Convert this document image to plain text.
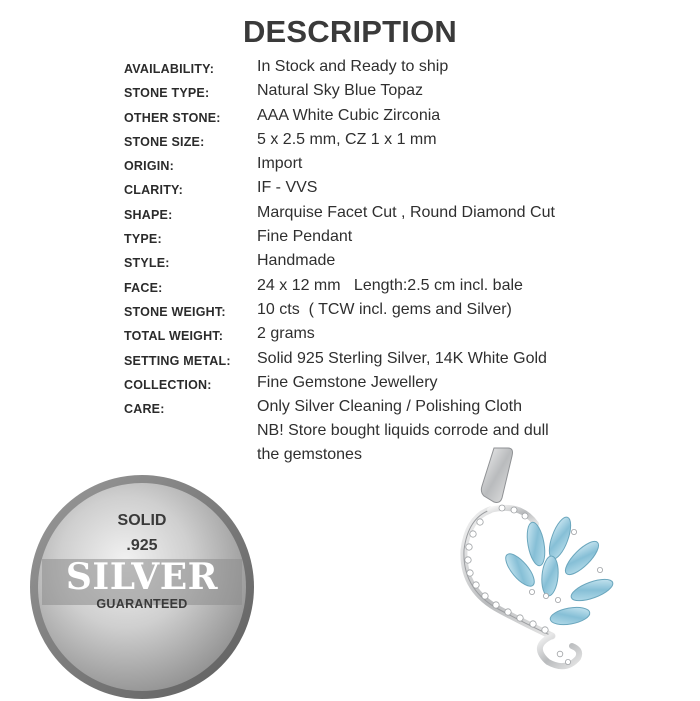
DESCRIPTION
AVAILABILITY:	In Stock and Ready to ship
STONE TYPE:	Natural Sky Blue Topaz
OTHER STONE: AAA White Cubic Zirconia
STONE SIZE:	5 x 2.5 mm, CZ 1 x 1 mm
ORIGIN:	Import
CLARITY:	IF - VVS
SHAPE:	Marquise Facet Cut , Round Diamond Cut
TYPE:	Fine Pendant
STYLE:	Handmade
FACE:	24 x 12 mm   Length:2.5 cm incl. bale
STONE WEIGHT: 10 cts  ( TCW incl. gems and Silver)
TOTAL WEIGHT: 2 grams
SETTING METAL: Solid 925 Sterling Silver, 14K White Gold
COLLECTION:	Fine Gemstone Jewellery
CARE:	Only Silver Cleaning / Polishing Cloth
NB! Store bought liquids corrode and dull
the gemstones
SOLID
.925
SILVER
GUARANTEED
